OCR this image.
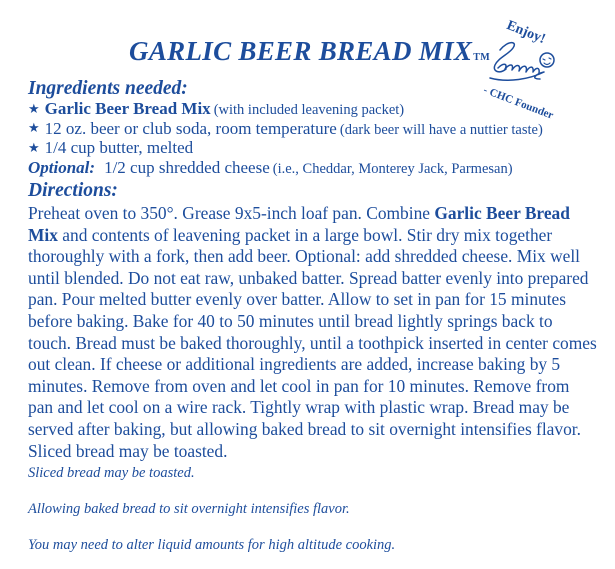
GARLIC BEER BREAD MIXTM
Enjoy!
- CHC Founder
Ingredients needed:
★ Garlic Beer Bread Mix (with included leavening packet)
★ 12 oz. beer or club soda, room temperature (dark beer will have a nuttier taste)
★ 1/4 cup butter, melted
Optional: 1/2 cup shredded cheese (i.e., Cheddar, Monterey Jack, Parmesan)
Directions:

Preheat oven to 350°. Grease 9x5-inch loaf pan. Combine Garlic Beer Bread Mix and contents of leavening packet in a large bowl. Stir dry mix together thoroughly with a fork, then add beer. Optional: add shredded cheese. Mix well until blended. Do not eat raw, unbaked batter. Spread batter evenly into prepared pan. Pour melted butter evenly over batter. Allow to set in pan for 15 minutes before baking. Bake for 40 to 50 minutes until bread lightly springs back to touch. Bread must be baked thoroughly, until a toothpick inserted in center comes out clean. If cheese or additional ingredients are added, increase baking by 5 minutes. Remove from oven and let cool in pan for 10 minutes. Remove from pan and let cool on a wire rack. Tightly wrap with plastic wrap. Bread may be served after baking, but allowing baked bread to sit overnight intensifies flavor. Sliced bread may be toasted.

Sliced bread may be toasted.

Allowing baked bread to sit overnight intensifies flavor.

You may need to alter liquid amounts for high altitude cooking.
